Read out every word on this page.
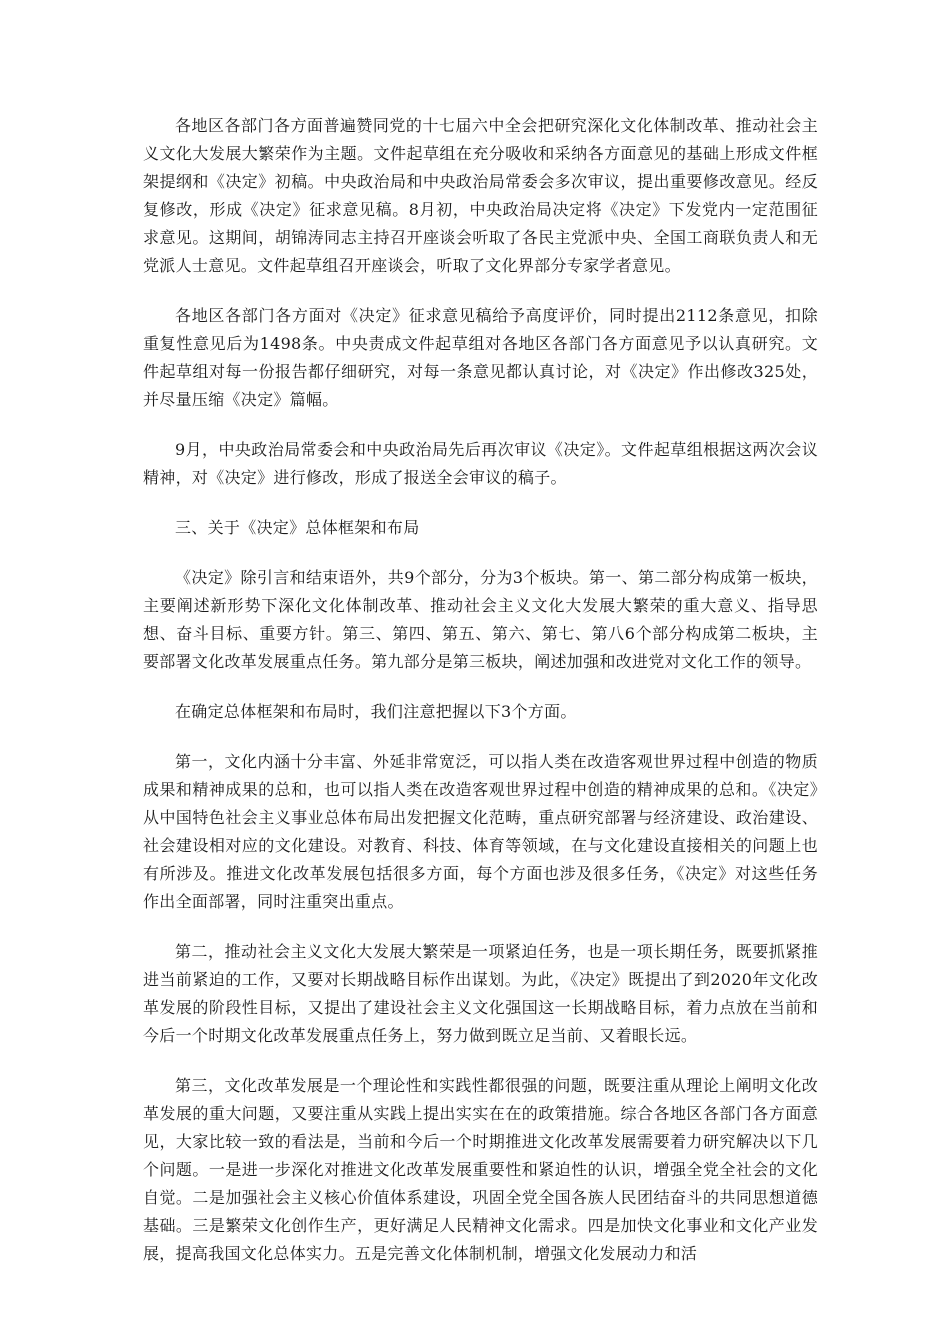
各地区各部门各方面普遍赞同党的十七届六中全会把研究深化文化体制改革、推动社会主义文化大发展大繁荣作为主题。文件起草组在充分吸收和采纳各方面意见的基础上形成文件框架提纲和《决定》初稿。中央政治局和中央政治局常委会多次审议，提出重要修改意见。经反复修改，形成《决定》征求意见稿。8月初，中央政治局决定将《决定》下发党内一定范围征求意见。这期间，胡锦涛同志主持召开座谈会听取了各民主党派中央、全国工商联负责人和无党派人士意见。文件起草组召开座谈会，听取了文化界部分专家学者意见。

各地区各部门各方面对《决定》征求意见稿给予高度评价，同时提出2112条意见，扣除重复性意见后为1498条。中央责成文件起草组对各地区各部门各方面意见予以认真研究。文件起草组对每一份报告都仔细研究，对每一条意见都认真讨论，对《决定》作出修改325处，并尽量压缩《决定》篇幅。

9月，中央政治局常委会和中央政治局先后再次审议《决定》。文件起草组根据这两次会议精神，对《决定》进行修改，形成了报送全会审议的稿子。

三、关于《决定》总体框架和布局

《决定》除引言和结束语外，共9个部分，分为3个板块。第一、第二部分构成第一板块，主要阐述新形势下深化文化体制改革、推动社会主义文化大发展大繁荣的重大意义、指导思想、奋斗目标、重要方针。第三、第四、第五、第六、第七、第八6个部分构成第二板块，主要部署文化改革发展重点任务。第九部分是第三板块，阐述加强和改进党对文化工作的领导。

在确定总体框架和布局时，我们注意把握以下3个方面。

第一，文化内涵十分丰富、外延非常宽泛，可以指人类在改造客观世界过程中创造的物质成果和精神成果的总和，也可以指人类在改造客观世界过程中创造的精神成果的总和。《决定》从中国特色社会主义事业总体布局出发把握文化范畴，重点研究部署与经济建设、政治建设、社会建设相对应的文化建设。对教育、科技、体育等领域，在与文化建设直接相关的问题上也有所涉及。推进文化改革发展包括很多方面，每个方面也涉及很多任务，《决定》对这些任务作出全面部署，同时注重突出重点。

第二，推动社会主义文化大发展大繁荣是一项紧迫任务，也是一项长期任务，既要抓紧推进当前紧迫的工作，又要对长期战略目标作出谋划。为此，《决定》既提出了到2020年文化改革发展的阶段性目标，又提出了建设社会主义文化强国这一长期战略目标，着力点放在当前和今后一个时期文化改革发展重点任务上，努力做到既立足当前、又着眼长远。

第三，文化改革发展是一个理论性和实践性都很强的问题，既要注重从理论上阐明文化改革发展的重大问题，又要注重从实践上提出实实在在的政策措施。综合各地区各部门各方面意见，大家比较一致的看法是，当前和今后一个时期推进文化改革发展需要着力研究解决以下几个问题。一是进一步深化对推进文化改革发展重要性和紧迫性的认识，增强全党全社会的文化自觉。二是加强社会主义核心价值体系建设，巩固全党全国各族人民团结奋斗的共同思想道德基础。三是繁荣文化创作生产，更好满足人民精神文化需求。四是加快文化事业和文化产业发展，提高我国文化总体实力。五是完善文化体制机制，增强文化发展动力和活
